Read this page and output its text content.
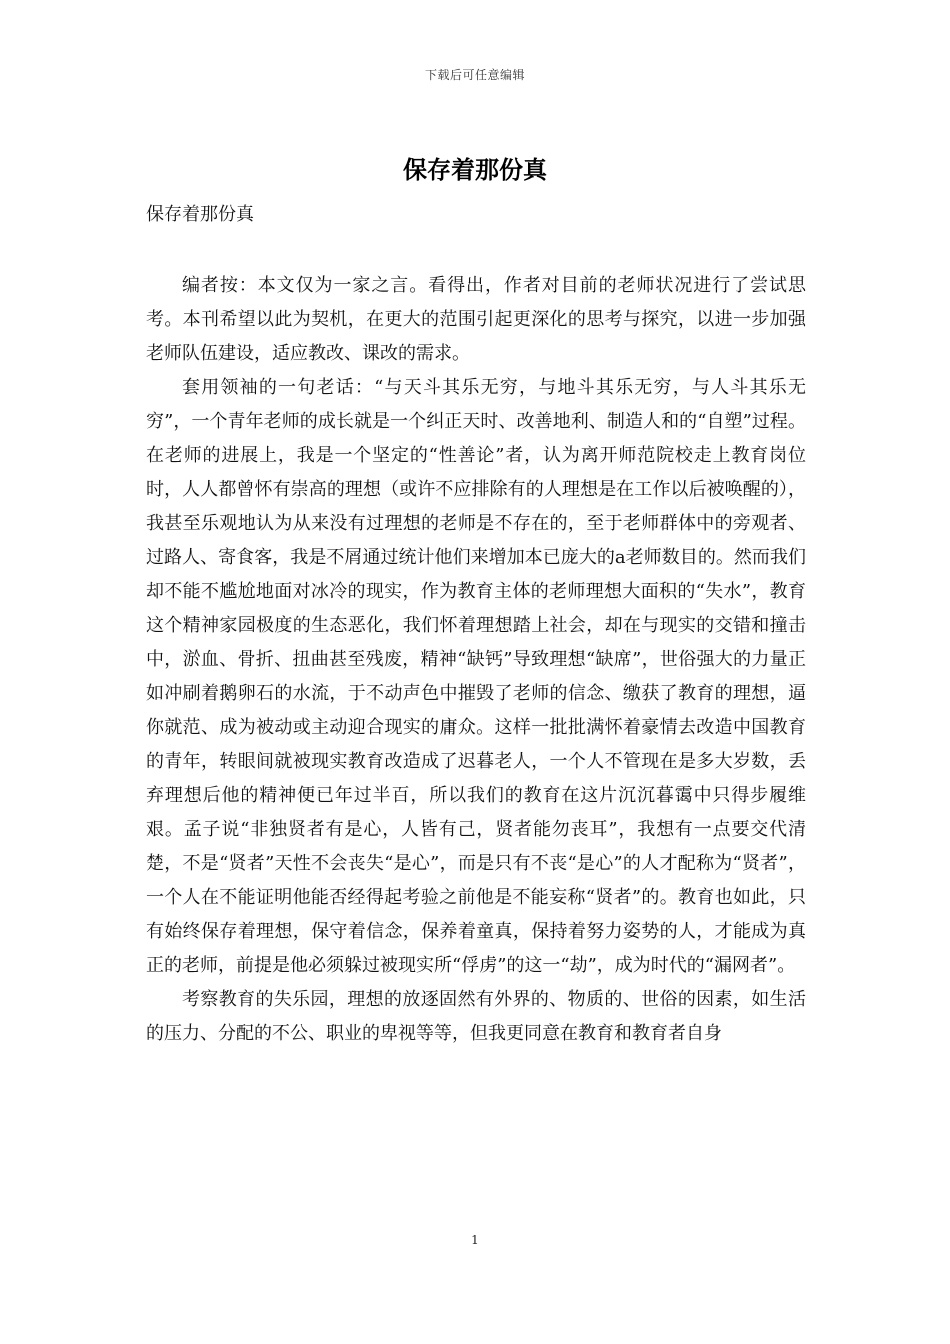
下载后可任意编辑
保存着那份真
保存着那份真

编者按：本文仅为一家之言。看得出，作者对目前的老师状况进行了尝试思考。本刊希望以此为契机，在更大的范围引起更深化的思考与探究，以进一步加强老师队伍建设，适应教改、课改的需求。

套用领袖的一句老话：“与天斗其乐无穷，与地斗其乐无穷，与人斗其乐无穷”，一个青年老师的成长就是一个纠正天时、改善地利、制造人和的“自塑”过程。在老师的进展上，我是一个坚定的“性善论”者，认为离开师范院校走上教育岗位时，人人都曾怀有崇高的理想（或许不应排除有的人理想是在工作以后被唤醒的），我甚至乐观地认为从来没有过理想的老师是不存在的，至于老师群体中的旁观者、过路人、寄食客，我是不屑通过统计他们来增加本已庞大的a老师数目的。然而我们却不能不尴尬地面对冰冷的现实，作为教育主体的老师理想大面积的“失水”，教育这个精神家园极度的生态恶化，我们怀着理想踏上社会，却在与现实的交错和撞击中，淤血、骨折、扭曲甚至残废，精神“缺钙”导致理想“缺席”，世俗强大的力量正如冲刷着鹅卵石的水流，于不动声色中摧毁了老师的信念、缴获了教育的理想，逼你就范、成为被动或主动迎合现实的庸众。这样一批批满怀着豪情去改造中国教育的青年，转眼间就被现实教育改造成了迟暮老人，一个人不管现在是多大岁数，丢弃理想后他的精神便已年过半百，所以我们的教育在这片沉沉暮霭中只得步履维艰。孟子说“非独贤者有是心，人皆有己，贤者能勿丧耳”，我想有一点要交代清楚，不是“贤者”天性不会丧失“是心”，而是只有不丧“是心”的人才配称为“贤者”，一个人在不能证明他能否经得起考验之前他是不能妄称“贤者”的。教育也如此，只有始终保存着理想，保守着信念，保养着童真，保持着努力姿势的人，才能成为真正的老师，前提是他必须躲过被现实所“俘虏”的这一“劫”，成为时代的“漏网者”。

考察教育的失乐园，理想的放逐固然有外界的、物质的、世俗的因素，如生活的压力、分配的不公、职业的卑视等等，但我更同意在教育和教育者自身

1
